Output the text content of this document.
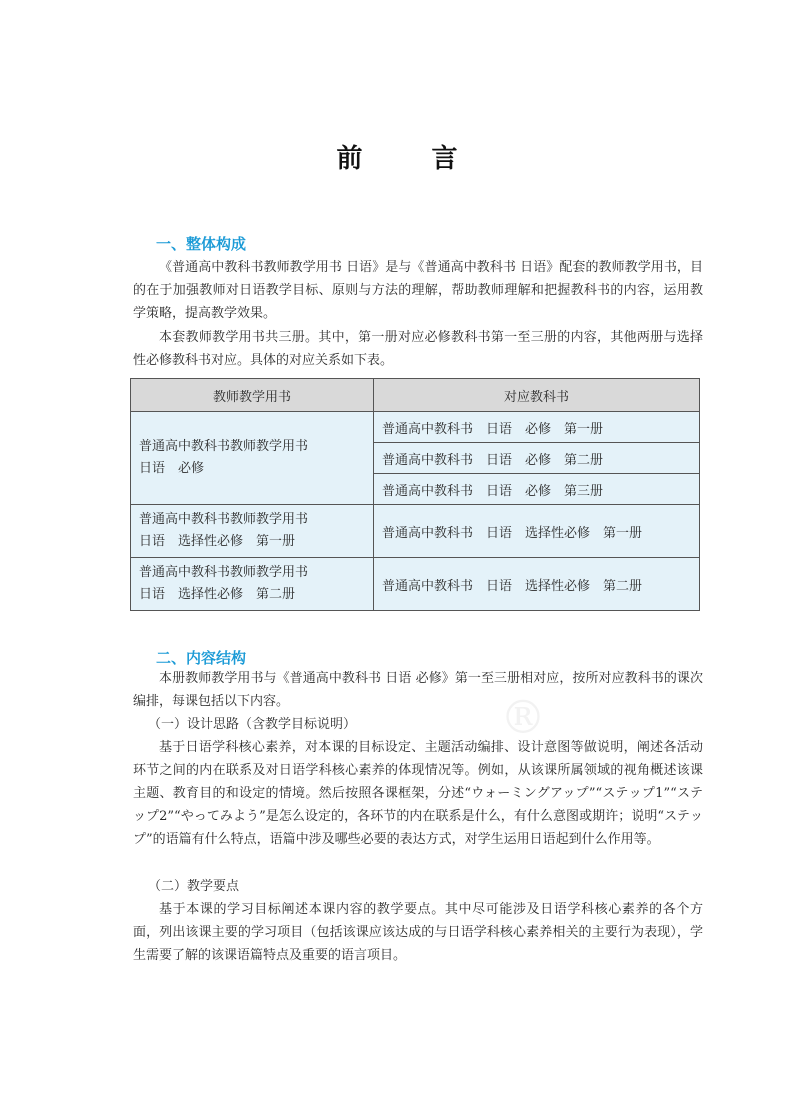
前 言
一、整体构成

《普通高中教科书教师教学用书 日语》是与《普通高中教科书 日语》配套的教师教学用书，目的在于加强教师对日语教学目标、原则与方法的理解，帮助教师理解和把握教科书的内容，运用教学策略，提高教学效果。

本套教师教学用书共三册。其中，第一册对应必修教科书第一至三册的内容，其他两册与选择性必修教科书对应。具体的对应关系如下表。

教师教学用书	对应教科书
普通高中教科书教师教学用书
日语　必修	普通高中教科书　日语　必修　第一册
	普通高中教科书　日语　必修　第二册
	普通高中教科书　日语　必修　第三册
普通高中教科书教师教学用书
日语　选择性必修　第一册	普通高中教科书　日语　选择性必修　第一册
普通高中教科书教师教学用书
日语　选择性必修　第二册	普通高中教科书　日语　选择性必修　第二册
二、内容结构

本册教师教学用书与《普通高中教科书 日语 必修》第一至三册相对应，按所对应教科书的课次编排，每课包括以下内容。

（一）设计思路（含教学目标说明）

基于日语学科核心素养，对本课的目标设定、主题活动编排、设计意图等做说明，阐述各活动环节之间的内在联系及对日语学科核心素养的体现情况等。例如，从该课所属领域的视角概述该课主题、教育目的和设定的情境。然后按照各课框架，分述“ウォーミングアップ”“ステップ1”“ステップ2”“やってみよう”是怎么设定的，各环节的内在联系是什么，有什么意图或期许；说明“ステップ”的语篇有什么特点，语篇中涉及哪些必要的表达方式，对学生运用日语起到什么作用等。

（二）教学要点

基于本课的学习目标阐述本课内容的教学要点。其中尽可能涉及日语学科核心素养的各个方面，列出该课主要的学习项目（包括该课应该达成的与日语学科核心素养相关的主要行为表现），学生需要了解的该课语篇特点及重要的语言项目。

®
